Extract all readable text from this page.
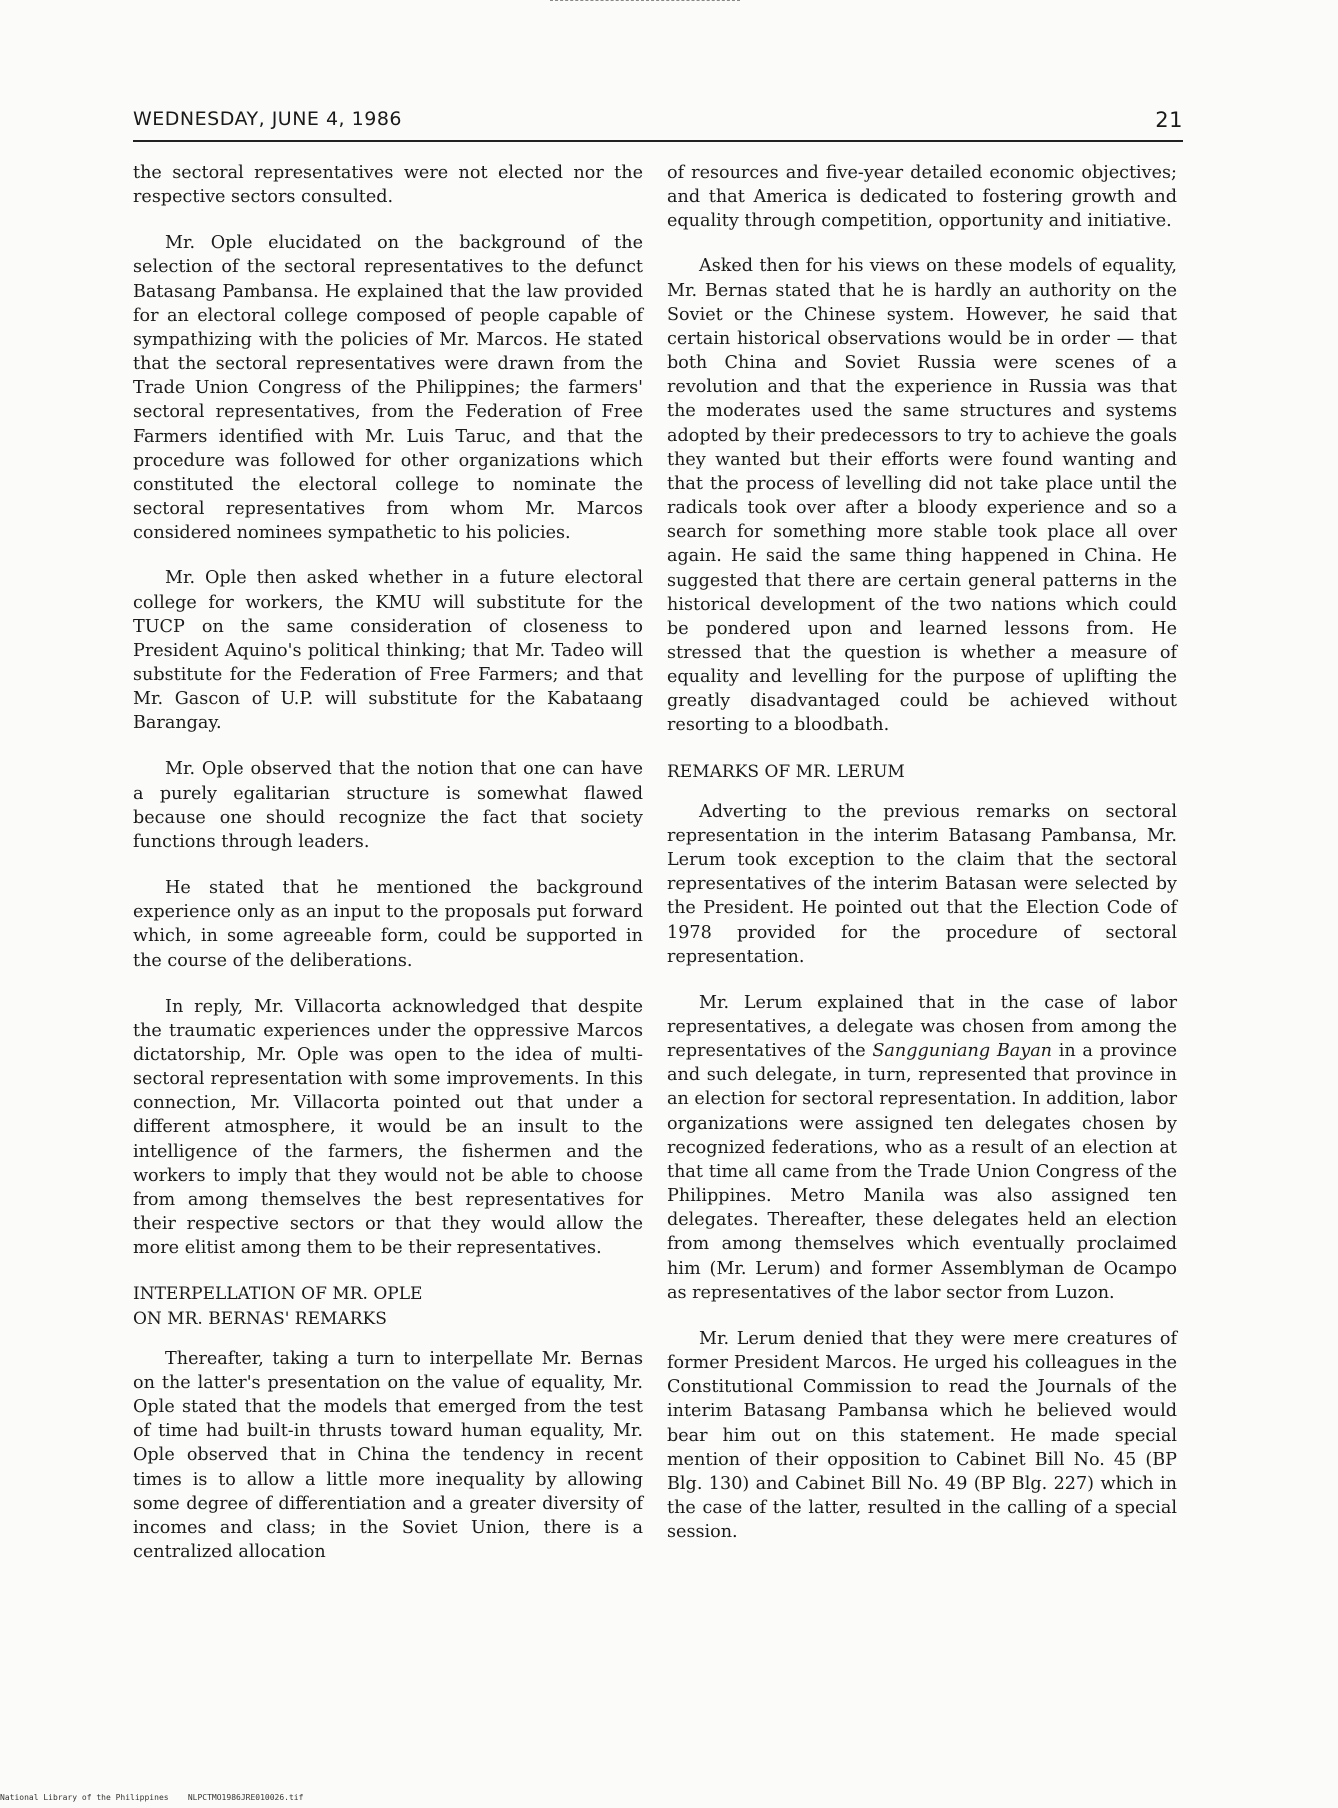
WEDNESDAY, JUNE 4, 1986	21

the sectoral representatives were not elected nor the respective sectors consulted.

Mr. Ople elucidated on the background of the selection of the sectoral representatives to the defunct Batasang Pambansa. He explained that the law provided for an electoral college composed of people capable of sympathizing with the policies of Mr. Marcos. He stated that the sectoral representatives were drawn from the Trade Union Congress of the Philippines; the farmers' sectoral representatives, from the Federation of Free Farmers identified with Mr. Luis Taruc, and that the procedure was followed for other organizations which constituted the electoral college to nominate the sectoral representatives from whom Mr. Marcos considered nominees sympathetic to his policies.

Mr. Ople then asked whether in a future electoral college for workers, the KMU will substitute for the TUCP on the same consideration of closeness to President Aquino's political thinking; that Mr. Tadeo will substitute for the Federation of Free Farmers; and that Mr. Gascon of U.P. will substitute for the Kabataang Barangay.

Mr. Ople observed that the notion that one can have a purely egalitarian structure is somewhat flawed because one should recognize the fact that society functions through leaders.

He stated that he mentioned the background experience only as an input to the proposals put forward which, in some agreeable form, could be supported in the course of the deliberations.

In reply, Mr. Villacorta acknowledged that despite the traumatic experiences under the oppressive Marcos dictatorship, Mr. Ople was open to the idea of multi-sectoral representation with some improvements. In this connection, Mr. Villacorta pointed out that under a different atmosphere, it would be an insult to the intelligence of the farmers, the fishermen and the workers to imply that they would not be able to choose from among themselves the best representatives for their respective sectors or that they would allow the more elitist among them to be their representatives.

INTERPELLATION OF MR. OPLE
ON MR. BERNAS' REMARKS

Thereafter, taking a turn to interpellate Mr. Bernas on the latter's presentation on the value of equality, Mr. Ople stated that the models that emerged from the test of time had built-in thrusts toward human equality, Mr. Ople observed that in China the tendency in recent times is to allow a little more inequality by allowing some degree of differentiation and a greater diversity of incomes and class; in the Soviet Union, there is a centralized allocation

of resources and five-year detailed economic objectives; and that America is dedicated to fostering growth and equality through competition, opportunity and initiative.

Asked then for his views on these models of equality, Mr. Bernas stated that he is hardly an authority on the Soviet or the Chinese system. However, he said that certain historical observations would be in order — that both China and Soviet Russia were scenes of a revolution and that the experience in Russia was that the moderates used the same structures and systems adopted by their predecessors to try to achieve the goals they wanted but their efforts were found wanting and that the process of levelling did not take place until the radicals took over after a bloody experience and so a search for something more stable took place all over again. He said the same thing happened in China. He suggested that there are certain general patterns in the historical development of the two nations which could be pondered upon and learned lessons from. He stressed that the question is whether a measure of equality and levelling for the purpose of uplifting the greatly disadvantaged could be achieved without resorting to a bloodbath.

REMARKS OF MR. LERUM

Adverting to the previous remarks on sectoral representation in the interim Batasang Pambansa, Mr. Lerum took exception to the claim that the sectoral representatives of the interim Batasan were selected by the President. He pointed out that the Election Code of 1978 provided for the procedure of sectoral representation.

Mr. Lerum explained that in the case of labor representatives, a delegate was chosen from among the representatives of the Sangguniang Bayan in a province and such delegate, in turn, represented that province in an election for sectoral representation. In addition, labor organizations were assigned ten delegates chosen by recognized federations, who as a result of an election at that time all came from the Trade Union Congress of the Philippines. Metro Manila was also assigned ten delegates. Thereafter, these delegates held an election from among themselves which eventually proclaimed him (Mr. Lerum) and former Assemblyman de Ocampo as representatives of the labor sector from Luzon.

Mr. Lerum denied that they were mere creatures of former President Marcos. He urged his colleagues in the Constitutional Commission to read the Journals of the interim Batasang Pambansa which he believed would bear him out on this statement. He made special mention of their opposition to Cabinet Bill No. 45 (BP Blg. 130) and Cabinet Bill No. 49 (BP Blg. 227) which in the case of the latter, resulted in the calling of a special session.

National Library of the Philippines NLPCTMO1986JRE010026.tif
